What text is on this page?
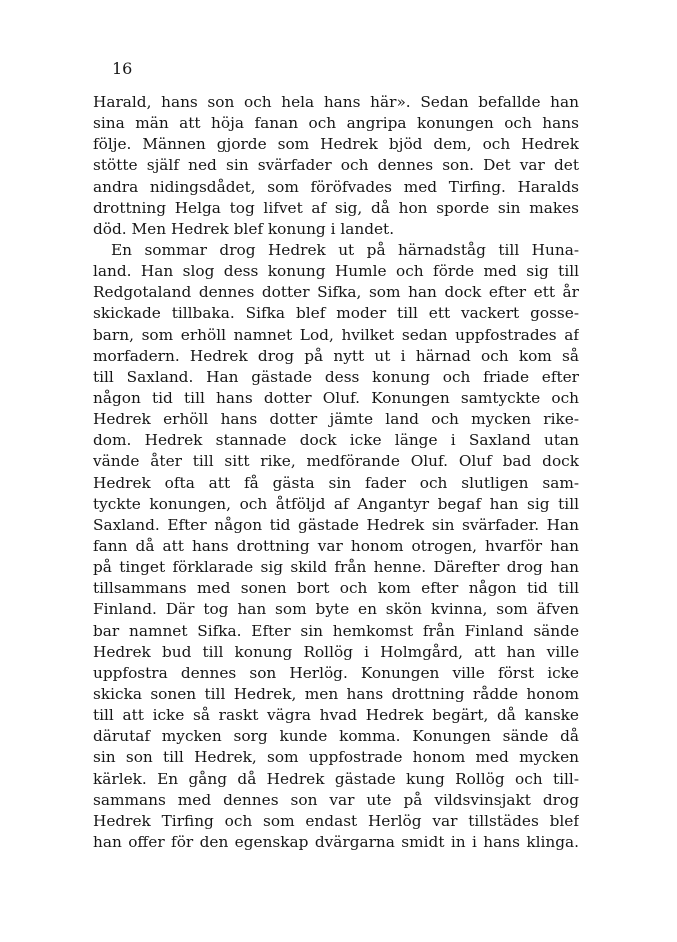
16

Harald, hans son och hela hans här». Sedan befallde han
sina män att höja fanan och angripa konungen och hans
följe. Männen gjorde som Hedrek bjöd dem, och Hedrek
stötte själf ned sin svärfader och dennes son. Det var det
andra nidingsdådet, som föröfvades med Tirfing. Haralds
drottning Helga tog lifvet af sig, då hon sporde sin makes
död. Men Hedrek blef konung i landet.
En sommar drog Hedrek ut på härnadståg till Huna-
land. Han slog dess konung Humle och förde med sig till
Redgotaland dennes dotter Sifka, som han dock efter ett år
skickade tillbaka. Sifka blef moder till ett vackert gosse-
barn, som erhöll namnet Lod, hvilket sedan uppfostrades af
morfadern. Hedrek drog på nytt ut i härnad och kom så
till Saxland. Han gästade dess konung och friade efter
någon tid till hans dotter Oluf. Konungen samtyckte och
Hedrek erhöll hans dotter jämte land och mycken rike-
dom. Hedrek stannade dock icke länge i Saxland utan
vände åter till sitt rike, medförande Oluf. Oluf bad dock
Hedrek ofta att få gästa sin fader och slutligen sam-
tyckte konungen, och åtföljd af Angantyr begaf han sig till
Saxland. Efter någon tid gästade Hedrek sin svärfader. Han
fann då att hans drottning var honom otrogen, hvarför han
på tinget förklarade sig skild från henne. Därefter drog han
tillsammans med sonen bort och kom efter någon tid till
Finland. Där tog han som byte en skön kvinna, som äfven
bar namnet Sifka. Efter sin hemkomst från Finland sände
Hedrek bud till konung Rollög i Holmgård, att han ville
uppfostra dennes son Herlög. Konungen ville först icke
skicka sonen till Hedrek, men hans drottning rådde honom
till att icke så raskt vägra hvad Hedrek begärt, då kanske
därutaf mycken sorg kunde komma. Konungen sände då
sin son till Hedrek, som uppfostrade honom med mycken
kärlek. En gång då Hedrek gästade kung Rollög och till-
sammans med dennes son var ute på vildsvinsjakt drog
Hedrek Tirfing och som endast Herlög var tillstädes blef
han offer för den egenskap dvärgarna smidt in i hans klinga.
